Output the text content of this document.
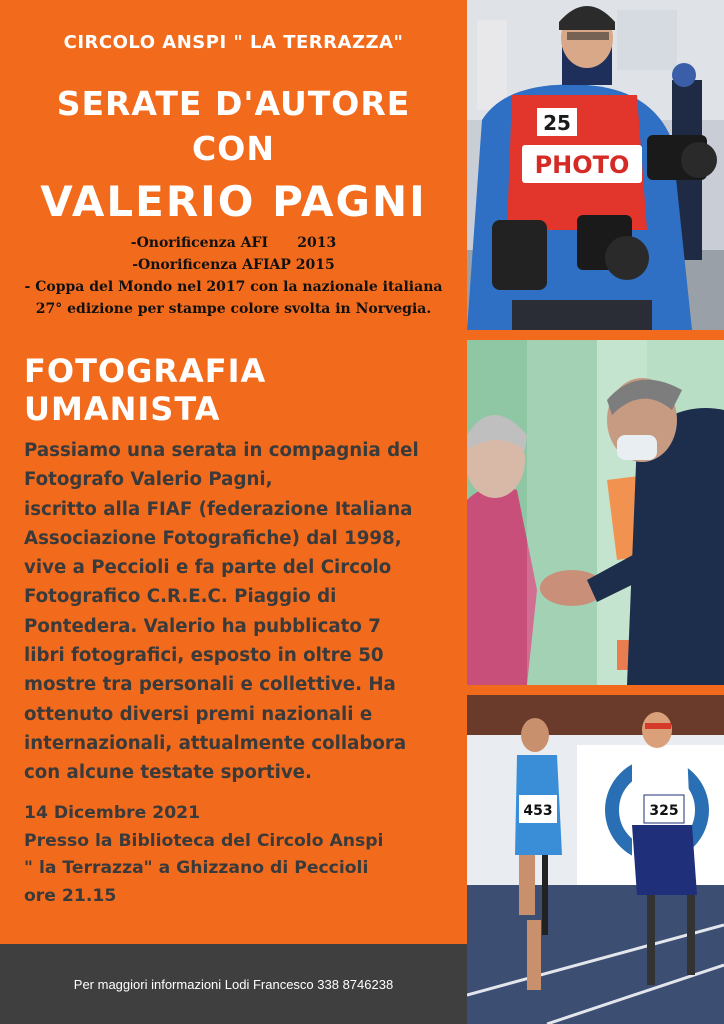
CIRCOLO ANSPI " LA TERRAZZA"
SERATE D'AUTORE
CON
VALERIO PAGNI
-Onorificenza AFI      2013
-Onorificenza AFIAP 2015
- Coppa del Mondo nel 2017 con la nazionale italiana
27° edizione per stampe colore svolta in Norvegia.
FOTOGRAFIA UMANISTA
Passiamo una serata in compagnia del
Fotografo Valerio Pagni,
iscritto alla FIAF (federazione Italiana
Associazione Fotografiche) dal 1998,
vive a Peccioli e fa parte del Circolo
Fotografico C.R.E.C. Piaggio di
Pontedera. Valerio ha pubblicato 7
libri fotografici, esposto in oltre 50
mostre tra personali e collettive. Ha
ottenuto diversi premi nazionali e
internazionali, attualmente collabora
con alcune testate sportive.
14 Dicembre 2021
Presso la Biblioteca del Circolo Anspi
" la Terrazza" a Ghizzano di Peccioli
ore 21.15
Per maggiori informazioni Lodi Francesco 338 8746238
PHOTO
25
453	325
